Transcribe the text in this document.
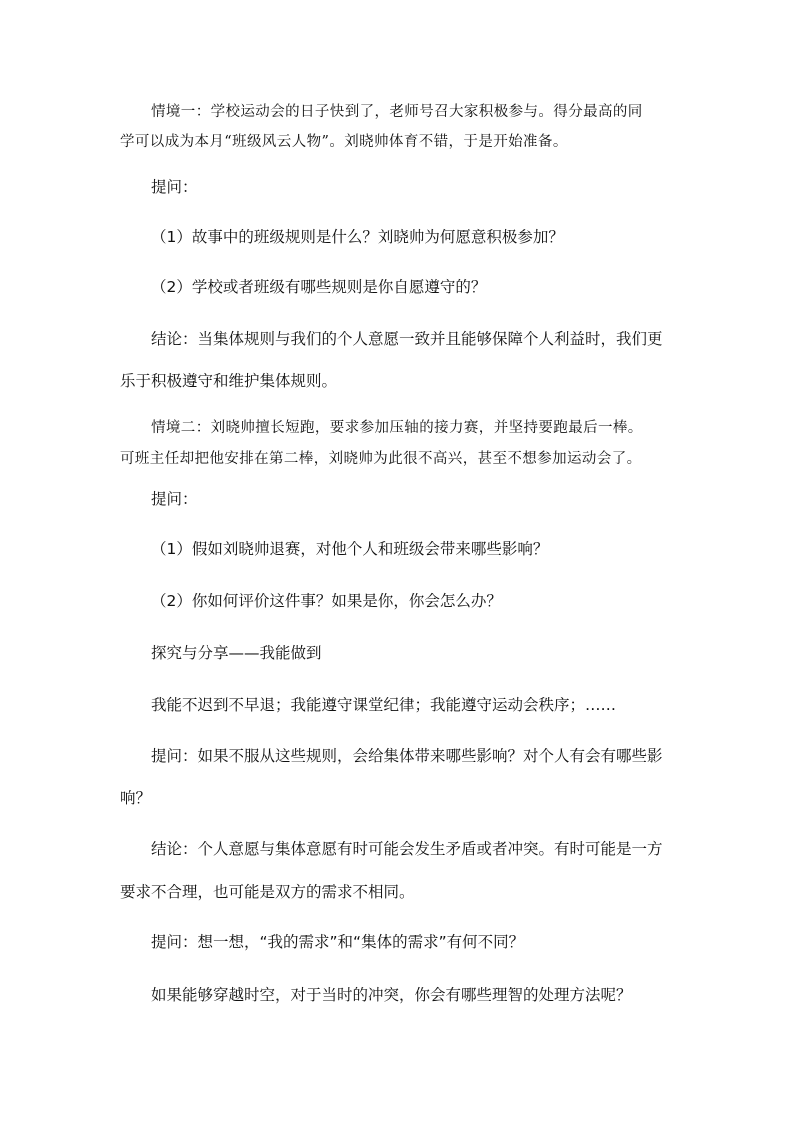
情境一：学校运动会的日子快到了，老师号召大家积极参与。得分最高的同
学可以成为本月“班级风云人物”。刘晓帅体育不错，于是开始准备。
提问：
（1）故事中的班级规则是什么？刘晓帅为何愿意积极参加？
（2）学校或者班级有哪些规则是你自愿遵守的？
结论：当集体规则与我们的个人意愿一致并且能够保障个人利益时，我们更
乐于积极遵守和维护集体规则。
情境二：刘晓帅擅长短跑，要求参加压轴的接力赛，并坚持要跑最后一棒。
可班主任却把他安排在第二棒，刘晓帅为此很不高兴，甚至不想参加运动会了。
提问：
（1）假如刘晓帅退赛，对他个人和班级会带来哪些影响？
（2）你如何评价这件事？如果是你，你会怎么办？
探究与分享——我能做到
我能不迟到不早退；我能遵守课堂纪律；我能遵守运动会秩序；……
提问：如果不服从这些规则，会给集体带来哪些影响？对个人有会有哪些影
响？
结论：个人意愿与集体意愿有时可能会发生矛盾或者冲突。有时可能是一方
要求不合理，也可能是双方的需求不相同。
提问：想一想，“我的需求”和“集体的需求”有何不同？
如果能够穿越时空，对于当时的冲突，你会有哪些理智的处理方法呢？
